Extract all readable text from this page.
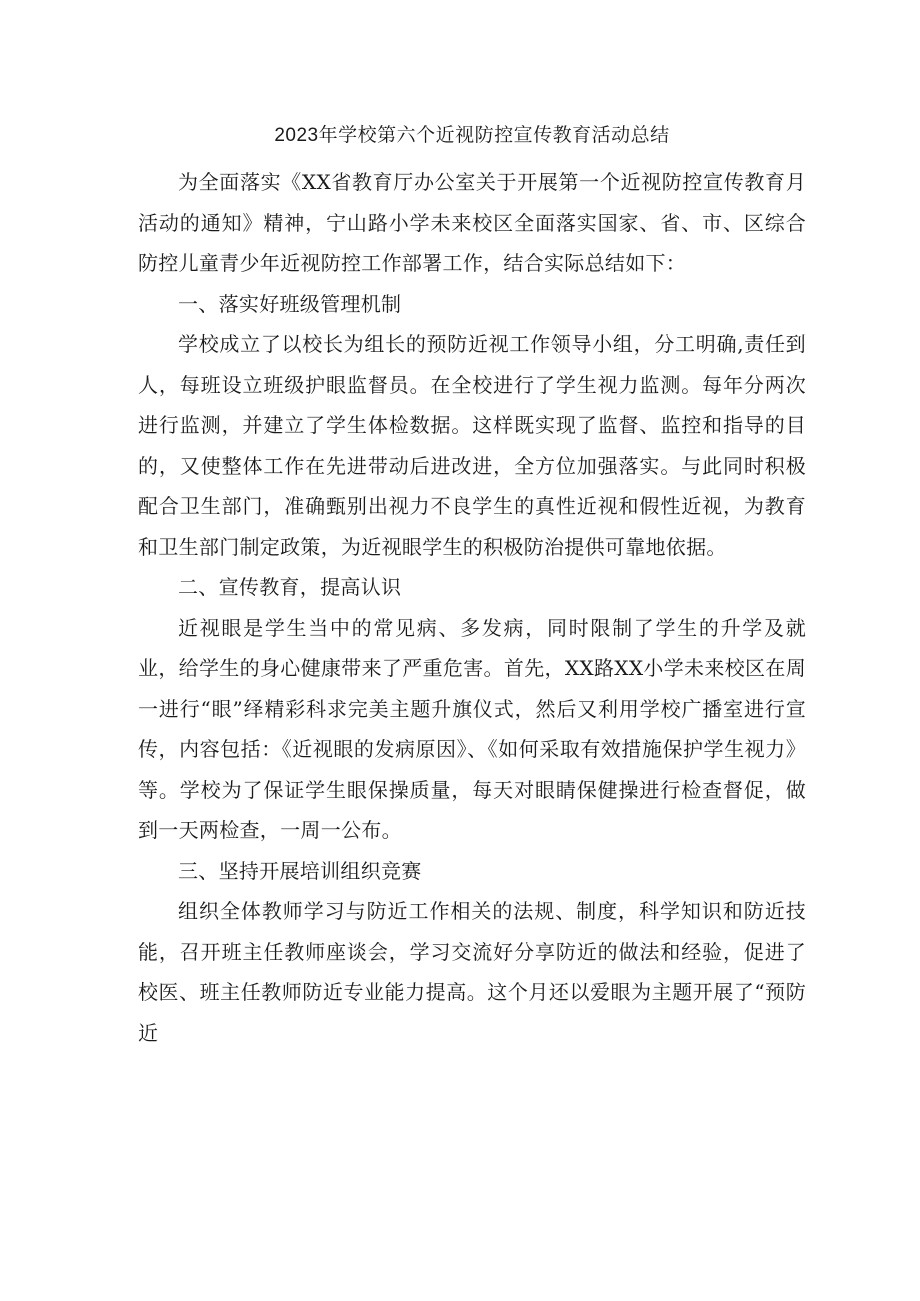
2023年学校第六个近视防控宣传教育活动总结

为全面落实《XX省教育厅办公室关于开展第一个近视防控宣传教育月活动的通知》精神，宁山路小学未来校区全面落实国家、省、市、区综合防控儿童青少年近视防控工作部署工作，结合实际总结如下：

一、落实好班级管理机制

学校成立了以校长为组长的预防近视工作领导小组，分工明确,责任到人，每班设立班级护眼监督员。在全校进行了学生视力监测。每年分两次进行监测，并建立了学生体检数据。这样既实现了监督、监控和指导的目的，又使整体工作在先进带动后进改进，全方位加强落实。与此同时积极配合卫生部门，准确甄别出视力不良学生的真性近视和假性近视，为教育和卫生部门制定政策，为近视眼学生的积极防治提供可靠地依据。

二、宣传教育，提高认识

近视眼是学生当中的常见病、多发病，同时限制了学生的升学及就业，给学生的身心健康带来了严重危害。首先，XX路XX小学未来校区在周一进行“眼”绎精彩科求完美主题升旗仪式，然后又利用学校广播室进行宣传，内容包括：《近视眼的发病原因》、《如何采取有效措施保护学生视力》等。学校为了保证学生眼保操质量，每天对眼睛保健操进行检查督促，做到一天两检查，一周一公布。

三、坚持开展培训组织竞赛

组织全体教师学习与防近工作相关的法规、制度，科学知识和防近技能，召开班主任教师座谈会，学习交流好分享防近的做法和经验，促进了校医、班主任教师防近专业能力提高。这个月还以爱眼为主题开展了“预防近
